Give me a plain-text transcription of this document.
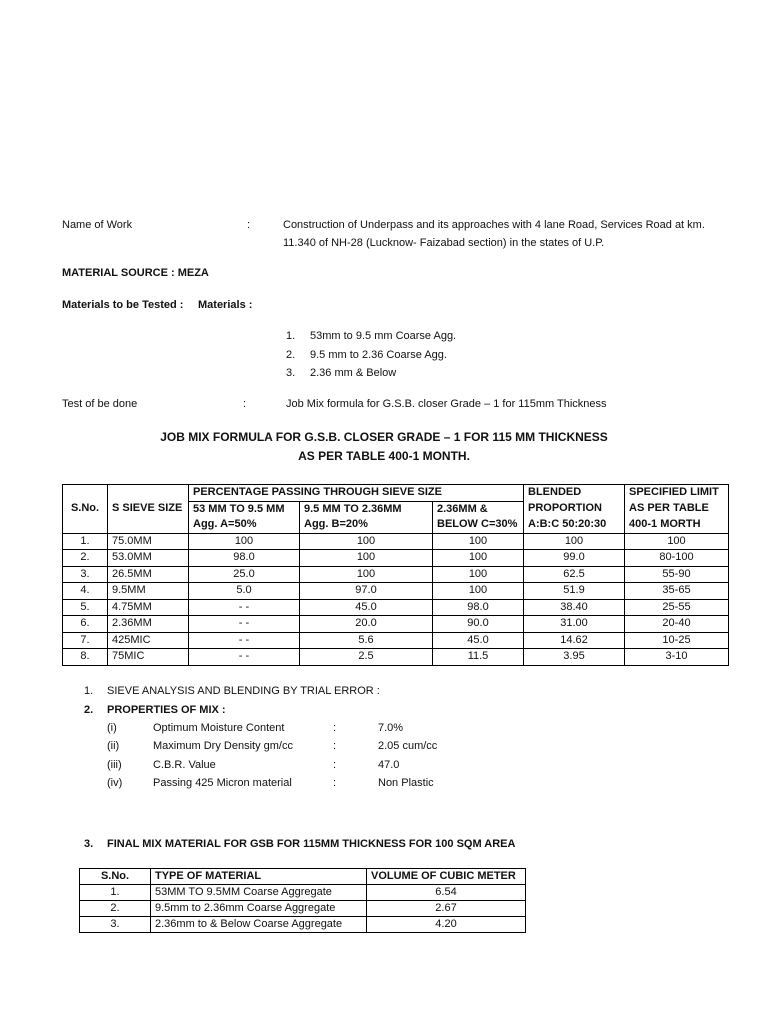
Name of Work	:	Construction of Underpass and its approaches with 4 lane Road, Services Road at km.
11.340 of NH-28 (Lucknow- Faizabad section) in the states of U.P.
MATERIAL SOURCE : MEZA
Materials to be Tested : Materials :
1. 53mm to 9.5 mm Coarse Agg.
2. 9.5 mm to 2.36 Coarse Agg.
3. 2.36 mm & Below
Test of be done	:	Job Mix formula for G.S.B. closer Grade – 1 for 115mm Thickness
JOB MIX FORMULA FOR G.S.B. CLOSER GRADE – 1 FOR 115 MM THICKNESS
AS PER TABLE 400-1 MONTH.
S.No.	S SIEVE SIZE	PERCENTAGE PASSING THROUGH SIEVE SIZE			BLENDED	SPECIFIED LIMIT
		53 MM TO 9.5 MM	9.5 MM TO 2.36MM	2.36MM &	PROPORTION	AS PER TABLE
		Agg. A=50%	Agg. B=20%	BELOW C=30%	A:B:C 50:20:30	400-1 MORTH
1.	75.0MM	100	100	100	100	100
2.	53.0MM	98.0	100	100	99.0	80-100
3.	26.5MM	25.0	100	100	62.5	55-90
4.	9.5MM	5.0	97.0	100	51.9	35-65
5.	4.75MM	- -	45.0	98.0	38.40	25-55
6.	2.36MM	- -	20.0	90.0	31.00	20-40
7.	425MIC	- -	5.6	45.0	14.62	10-25
8.	75MIC	- -	2.5	11.5	3.95	3-10
1. SIEVE ANALYSIS AND BLENDING BY TRIAL ERROR :
2. PROPERTIES OF MIX :
(i)	Optimum Moisture Content	:	7.0%
(ii)	Maximum Dry Density gm/cc	:	2.05 cum/cc
(iii)	C.B.R. Value	:	47.0
(iv)	Passing 425 Micron material	:	Non Plastic
3. FINAL MIX MATERIAL FOR GSB FOR 115MM THICKNESS FOR 100 SQM AREA
S.No.	TYPE OF MATERIAL	VOLUME OF CUBIC METER
1.	53MM TO 9.5MM Coarse Aggregate	6.54
2.	9.5mm to 2.36mm Coarse Aggregate	2.67
3.	2.36mm to & Below Coarse Aggregate	4.20
